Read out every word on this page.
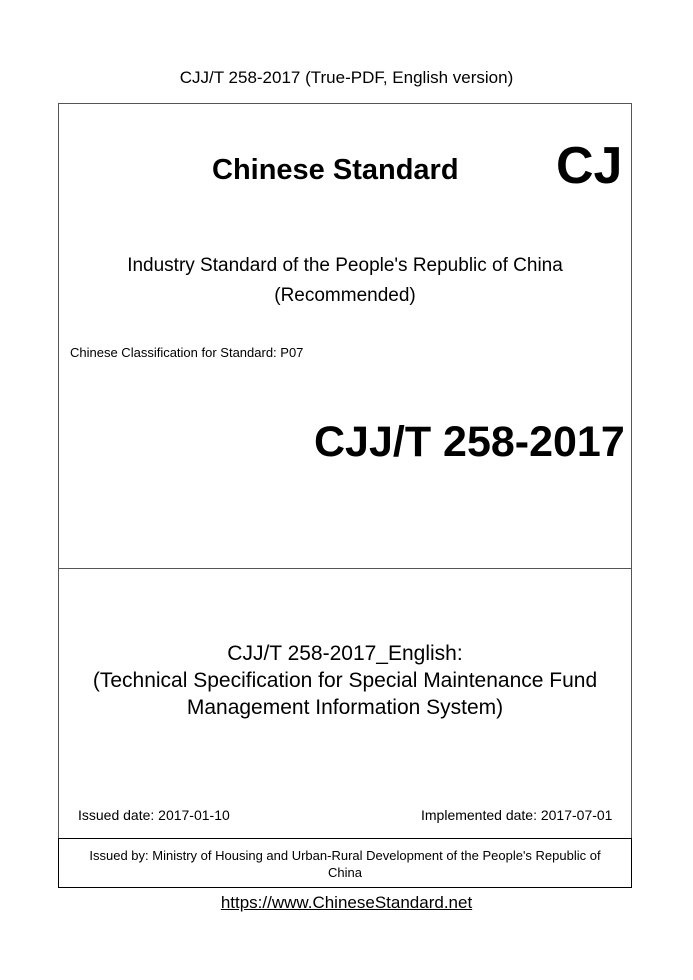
CJJ/T 258-2017 (True-PDF, English version)
Chinese Standard CJ
Industry Standard of the People's Republic of China
(Recommended)
Chinese Classification for Standard: P07
CJJ/T 258-2017
CJJ/T 258-2017_English:
(Technical Specification for Special Maintenance Fund
Management Information System)
Issued date: 2017-01-10	Implemented date: 2017-07-01
Issued by: Ministry of Housing and Urban-Rural Development of the People's Republic of
China
https://www.ChineseStandard.net
